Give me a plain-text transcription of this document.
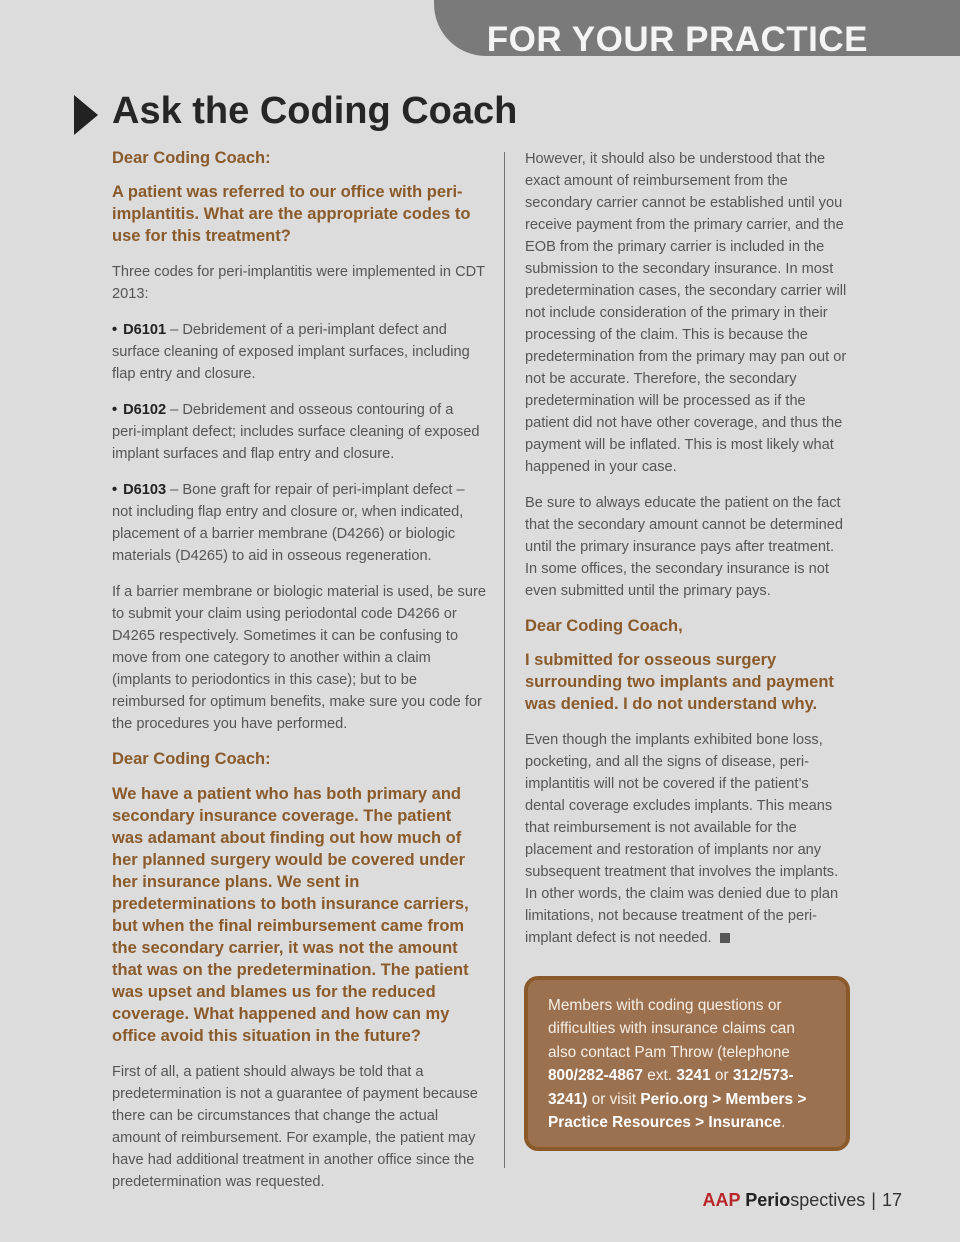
FOR YOUR PRACTICE
Ask the Coding Coach
Dear Coding Coach:
A patient was referred to our office with peri-implantitis. What are the appropriate codes to use for this treatment?

Three codes for peri-implantitis were implemented in CDT 2013:

• D6101 – Debridement of a peri-implant defect and surface cleaning of exposed implant surfaces, including flap entry and closure.

• D6102 – Debridement and osseous contouring of a peri-implant defect; includes surface cleaning of exposed implant surfaces and flap entry and closure.

• D6103 – Bone graft for repair of peri-implant defect – not including flap entry and closure or, when indicated, placement of a barrier membrane (D4266) or biologic materials (D4265) to aid in osseous regeneration.

If a barrier membrane or biologic material is used, be sure to submit your claim using periodontal code D4266 or D4265 respectively. Sometimes it can be confusing to move from one category to another within a claim (implants to periodontics in this case); but to be reimbursed for optimum benefits, make sure you code for the procedures you have performed.

Dear Coding Coach:
We have a patient who has both primary and secondary insurance coverage. The patient was adamant about finding out how much of her planned surgery would be covered under her insurance plans. We sent in predeterminations to both insurance carriers, but when the final reimbursement came from the secondary carrier, it was not the amount that was on the predetermination. The patient was upset and blames us for the reduced coverage. What happened and how can my office avoid this situation in the future?

First of all, a patient should always be told that a predetermination is not a guarantee of payment because there can be circumstances that change the actual amount of reimbursement. For example, the patient may have had additional treatment in another office since the predetermination was requested.

However, it should also be understood that the exact amount of reimbursement from the secondary carrier cannot be established until you receive payment from the primary carrier, and the EOB from the primary carrier is included in the submission to the secondary insurance. In most predetermination cases, the secondary carrier will not include consideration of the primary in their processing of the claim. This is because the predetermination from the primary may pan out or not be accurate. Therefore, the secondary predetermination will be processed as if the patient did not have other coverage, and thus the payment will be inflated. This is most likely what happened in your case.

Be sure to always educate the patient on the fact that the secondary amount cannot be determined until the primary insurance pays after treatment. In some offices, the secondary insurance is not even submitted until the primary pays.

Dear Coding Coach,
I submitted for osseous surgery surrounding two implants and payment was denied. I do not understand why.

Even though the implants exhibited bone loss, pocketing, and all the signs of disease, peri-implantitis will not be covered if the patient’s dental coverage excludes implants. This means that reimbursement is not available for the placement and restoration of implants nor any subsequent treatment that involves the implants. In other words, the claim was denied due to plan limitations, not because treatment of the peri-implant defect is not needed.

Members with coding questions or difficulties with insurance claims can also contact Pam Throw (telephone 800/282-4867 ext. 3241 or 312/573-3241) or visit Perio.org > Members > Practice Resources > Insurance.
AAP Periospectives | 17
